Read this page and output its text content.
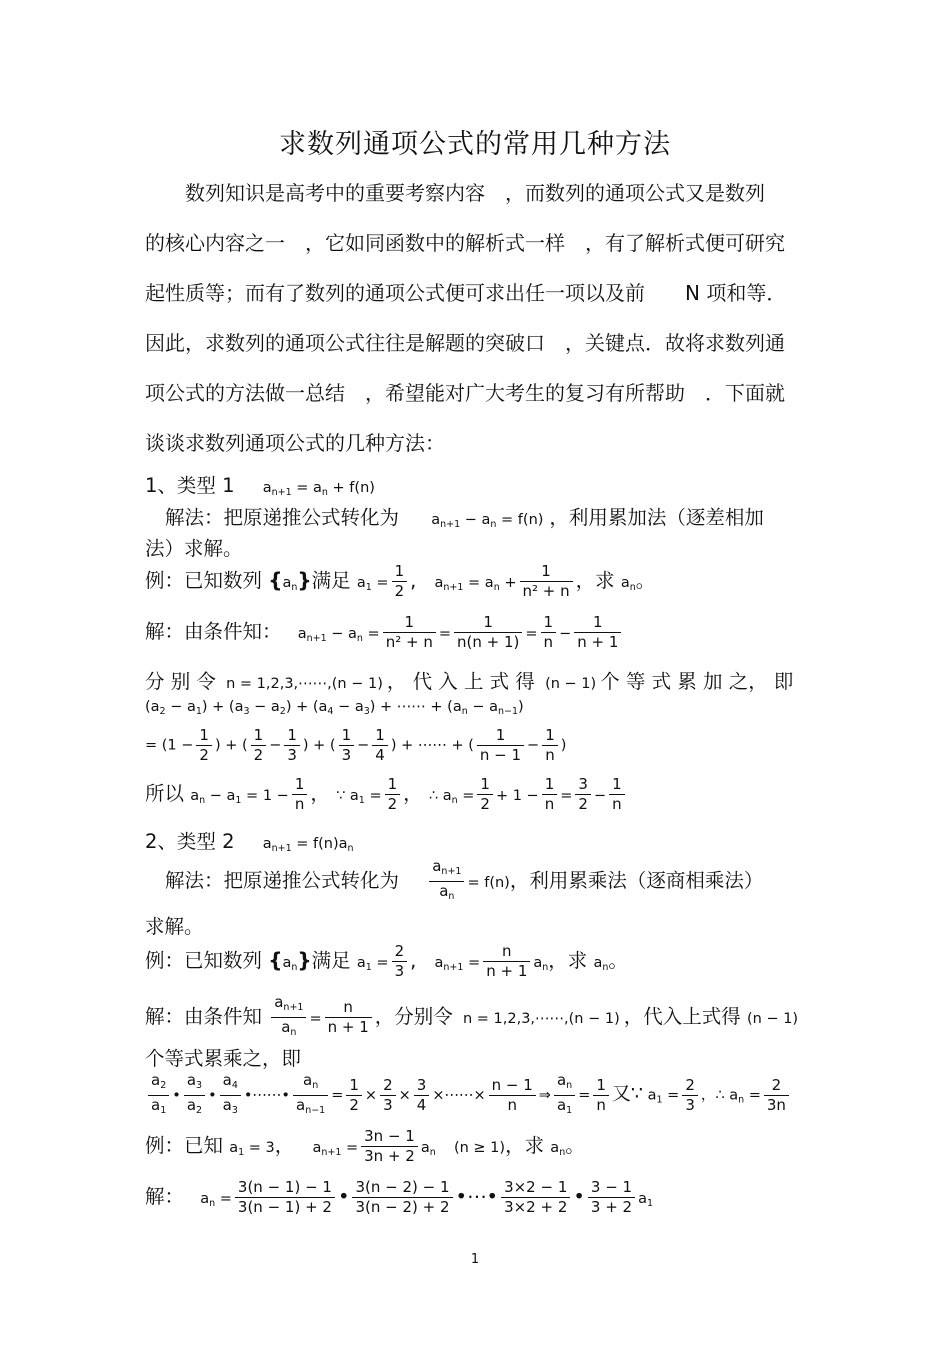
求数列通项公式的常用几种方法

数列知识是高考中的重要考察内容　，而数列的通项公式又是数列

的核心内容之一　，它如同函数中的解析式一样　，有了解析式便可研究

起性质等；而有了数列的通项公式便可求出任一项以及前　　N 项和等．

因此，求数列的通项公式往往是解题的突破口　，关键点．故将求数列通

项公式的方法做一总结　，希望能对广大考生的复习有所帮助　．下面就

谈谈求数列通项公式的几种方法：

1、类型 1 $a_{n+1} = a_n + f(n)$
解法：把原递推公式转化为 $a_{n+1} - a_n = f(n)$ ，利用累加法（逐差相加
法）求解。
例：已知数列 $\{a_n\}$满足 $a_1 = \frac{1}{2}$ , $a_{n+1} = a_n + \frac{1}{\text{n² + n}}$ ，求 $a_n$。
解：由条件知： $a_{n+1} - a_n = \frac{1}{\text{n² + n}} = \frac{1}{n(n + 1)} = \frac{1}{n} - \frac{1}{n + 1}$
分 别 令 n = 1,2,3,⋯⋯,(n − 1) ， 代 入 上 式 得 (n − 1) 个 等 式 累 加 之， 即
$(a_2 - a_1) + (a_3 - a_2) + (a_4 - a_3)$ + ⋯⋯ + $(a_n - a_{n-1})$
= ($1 - \frac{1}{2}$ ) + ( $\frac{1}{2} - \frac{1}{3}$ ) + ( $\frac{1}{3} - \frac{1}{4}$ ) + ⋯⋯ + ( $\frac{1}{n - 1} - \frac{1}{n}$ )
所以 $a_n - a_1 = 1 - \frac{1}{n}$ ， ∵ $a_1 = \frac{1}{2}$ ， ∴ $a_n = \frac{1}{2} + 1 - \frac{1}{n} = \frac{3}{2} - \frac{1}{n}$
2、类型 2 $a_{n+1} = f(n)a_n$
解法：把原递推公式转化为 $\frac{a_{n+1}}{a_n} = f(n)$，利用累乘法（逐商相乘法）
求解。
例：已知数列 $\{a_n\}$满足 $a_1 = \frac{2}{3}$ , $a_{n+1} = \frac{n}{n + 1} a_n$，求 $a_n$。
解：由条件知 $\frac{a_{n+1}}{a_n} = \frac{n}{n + 1}$ ，分别令 n = 1,2,3,⋯⋯,(n − 1) ，代入上式得 (n − 1)
个等式累乘之，即
$\frac{a_2}{a_1}$ • $\frac{a_3}{a_2}$ • $\frac{a_4}{a_3}$ •⋯⋯• $\frac{a_n}{a_{n-1}} = \frac{1}{2} \times \frac{2}{3} \times \frac{3}{4}$ ×⋯⋯× $\frac{n - 1}{n}$ ⇒ $\frac{a_n}{a_1} = \frac{1}{n}$ 又∵ $a_1 = \frac{2}{3}$ ，∴ $a_n = \frac{2}{3n}$
例：已知 $a_1 = 3$， $a_{n+1} = \frac{3n - 1}{3n + 2} a_n$ (n ≥ 1)，求 $a_n$。
解： $a_n = \frac{3(n - 1) - 1}{3(n - 1) + 2}$ • $\frac{3(n - 2) - 1}{3(n - 2) + 2}$ •⋯• $\frac{3\times 2 - 1}{3\times 2 + 2}$ • $\frac{3 - 1}{3 + 2} a_1$
1
